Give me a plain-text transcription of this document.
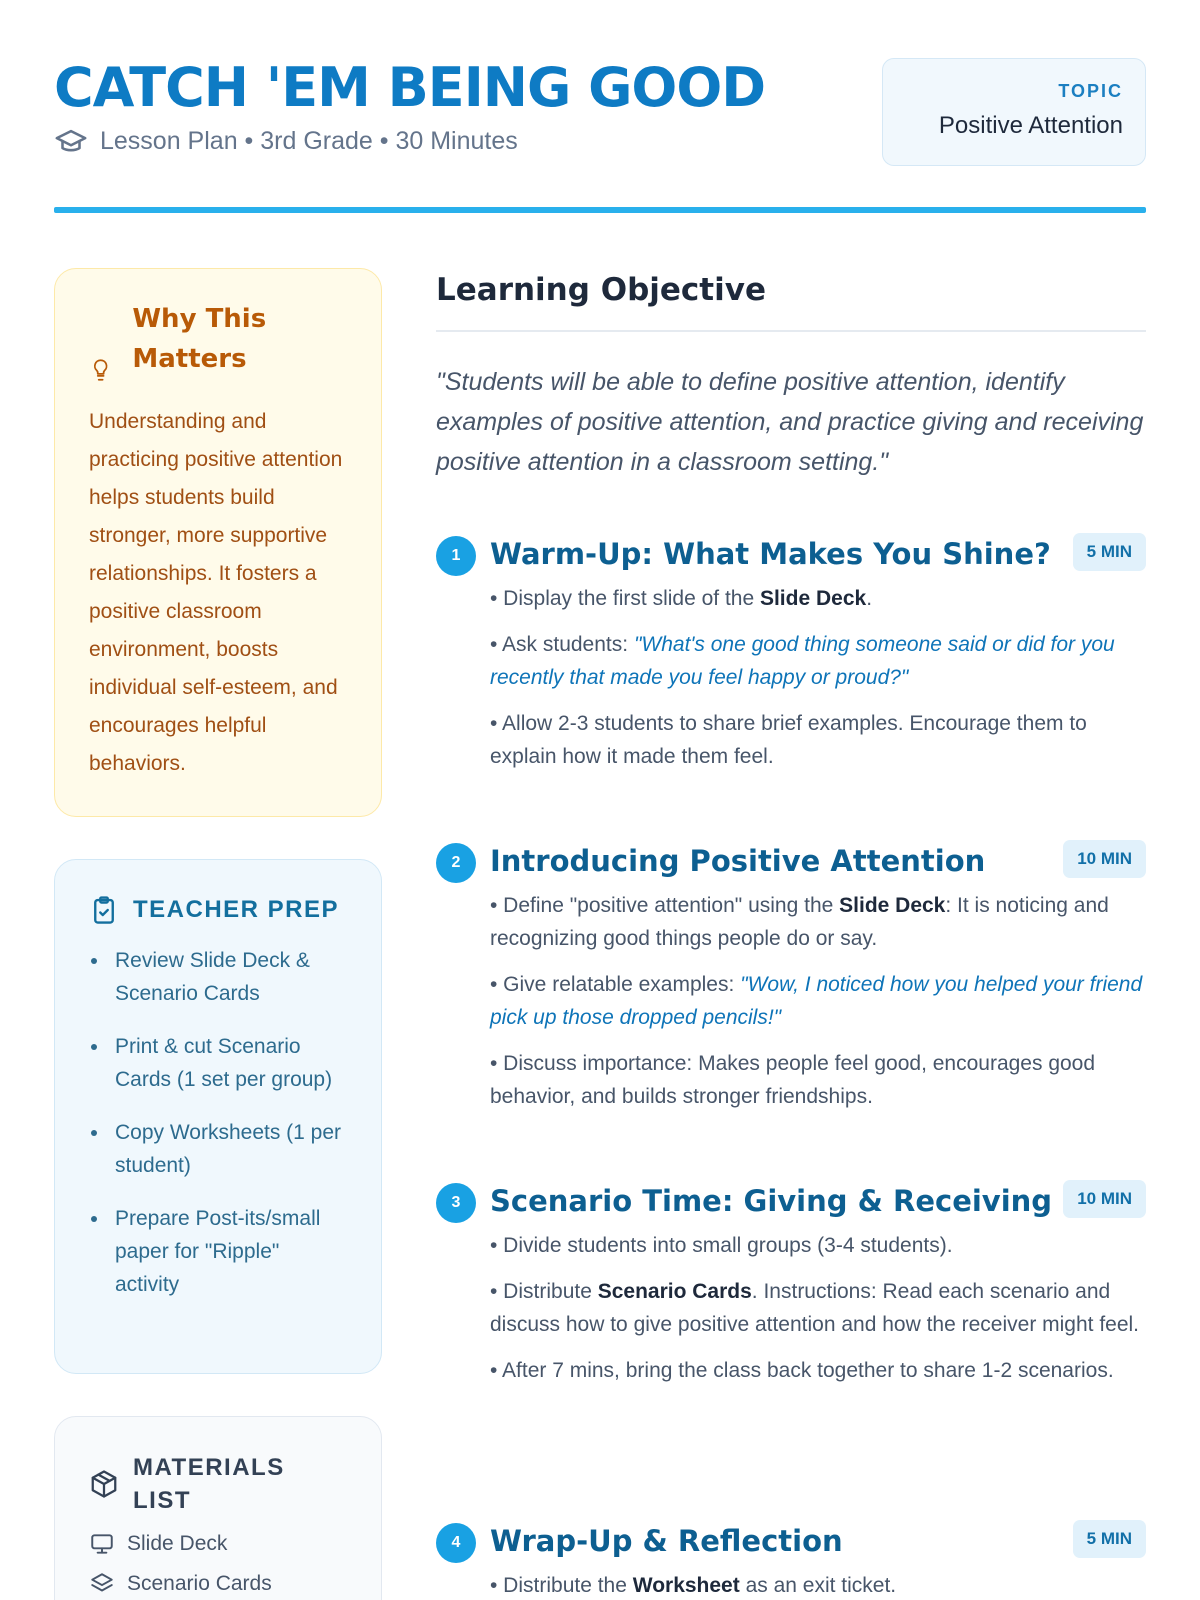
CATCH 'EM BEING GOOD
Lesson Plan • 3rd Grade • 30 Minutes
TOPIC
Positive Attention
Why This Matters
Understanding and practicing positive attention helps students build stronger, more supportive relationships. It fosters a positive classroom environment, boosts individual self-esteem, and encourages helpful behaviors.
TEACHER PREP
Review Slide Deck & Scenario Cards
Print & cut Scenario Cards (1 set per group)
Copy Worksheets (1 per student)
Prepare Post-its/small paper for "Ripple" activity
MATERIALS LIST
Slide Deck
Scenario Cards
Learning Objective
"Students will be able to define positive attention, identify examples of positive attention, and practice giving and receiving positive attention in a classroom setting."
1	Warm-Up: What Makes You Shine?	5 MIN

• Display the first slide of the Slide Deck.

• Ask students: "What's one good thing someone said or did for you recently that made you feel happy or proud?"

• Allow 2-3 students to share brief examples. Encourage them to explain how it made them feel.

2	Introducing Positive Attention	10 MIN

• Define "positive attention" using the Slide Deck: It is noticing and recognizing good things people do or say.

• Give relatable examples: "Wow, I noticed how you helped your friend pick up those dropped pencils!"

• Discuss importance: Makes people feel good, encourages good behavior, and builds stronger friendships.

3	Scenario Time: Giving & Receiving	10 MIN

• Divide students into small groups (3-4 students).

• Distribute Scenario Cards. Instructions: Read each scenario and discuss how to give positive attention and how the receiver might feel.

• After 7 mins, bring the class back together to share 1-2 scenarios.

4	Wrap-Up & Reflection	5 MIN

• Distribute the Worksheet as an exit ticket.
